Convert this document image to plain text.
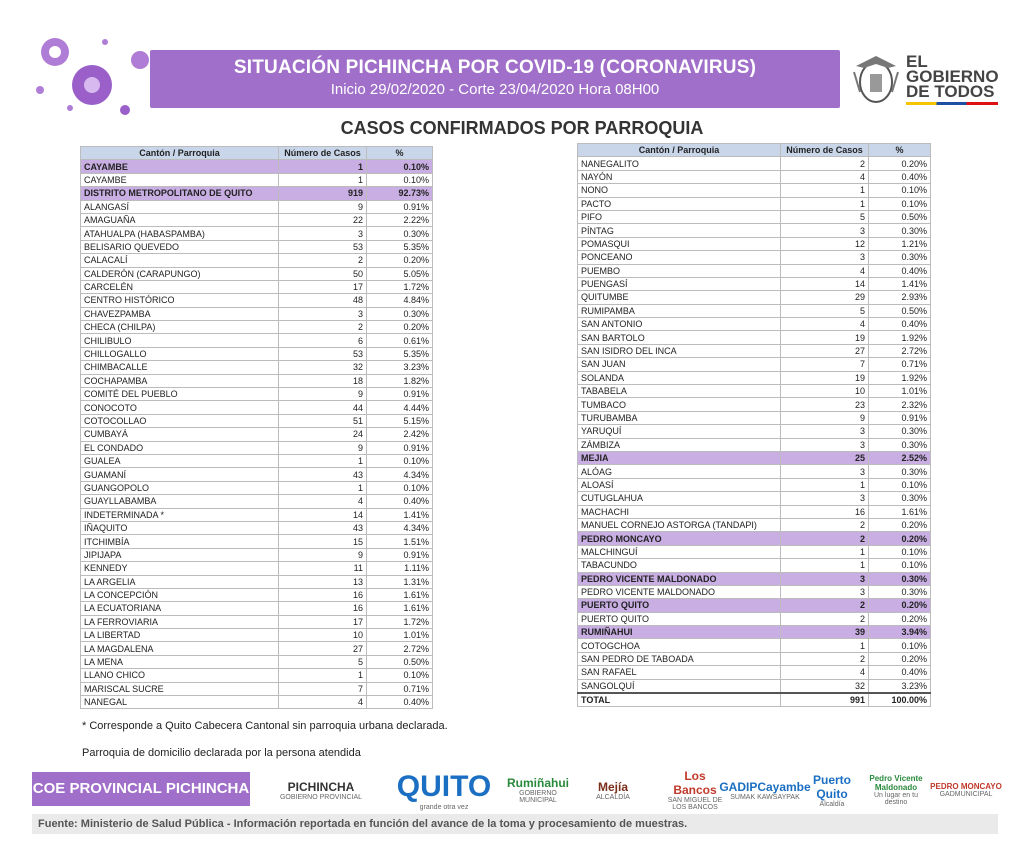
SITUACIÓN PICHINCHA POR COVID-19 (CORONAVIRUS)
Inicio 29/02/2020 - Corte 23/04/2020 Hora 08H00
EL
GOBIERNO
DE TODOS
CASOS CONFIRMADOS POR PARROQUIA
Cantón / Parroquia	Número de Casos	%
CAYAMBE	1	0.10%
CAYAMBE	1	0.10%
DISTRITO METROPOLITANO DE QUITO	919	92.73%
ALANGASÍ	9	0.91%
AMAGUAÑA	22	2.22%
ATAHUALPA (HABASPAMBA)	3	0.30%
BELISARIO QUEVEDO	53	5.35%
CALACALÍ	2	0.20%
CALDERÓN (CARAPUNGO)	50	5.05%
CARCELÉN	17	1.72%
CENTRO HISTÓRICO	48	4.84%
CHAVEZPAMBA	3	0.30%
CHECA (CHILPA)	2	0.20%
CHILIBULO	6	0.61%
CHILLOGALLO	53	5.35%
CHIMBACALLE	32	3.23%
COCHAPAMBA	18	1.82%
COMITÉ DEL PUEBLO	9	0.91%
CONOCOTO	44	4.44%
COTOCOLLAO	51	5.15%
CUMBAYÁ	24	2.42%
EL CONDADO	9	0.91%
GUALEA	1	0.10%
GUAMANÍ	43	4.34%
GUANGOPOLO	1	0.10%
GUAYLLABAMBA	4	0.40%
INDETERMINADA *	14	1.41%
IÑAQUITO	43	4.34%
ITCHIMBÍA	15	1.51%
JIPIJAPA	9	0.91%
KENNEDY	11	1.11%
LA ARGELIA	13	1.31%
LA CONCEPCIÓN	16	1.61%
LA ECUATORIANA	16	1.61%
LA FERROVIARIA	17	1.72%
LA LIBERTAD	10	1.01%
LA MAGDALENA	27	2.72%
LA MENA	5	0.50%
LLANO CHICO	1	0.10%
MARISCAL SUCRE	7	0.71%
NANEGAL	4	0.40%
Cantón / Parroquia	Número de Casos	%
NANEGALITO	2	0.20%
NAYÓN	4	0.40%
NONO	1	0.10%
PACTO	1	0.10%
PIFO	5	0.50%
PÍNTAG	3	0.30%
POMASQUI	12	1.21%
PONCEANO	3	0.30%
PUEMBO	4	0.40%
PUENGASÍ	14	1.41%
QUITUMBE	29	2.93%
RUMIPAMBA	5	0.50%
SAN ANTONIO	4	0.40%
SAN BARTOLO	19	1.92%
SAN ISIDRO DEL INCA	27	2.72%
SAN JUAN	7	0.71%
SOLANDA	19	1.92%
TABABELA	10	1.01%
TUMBACO	23	2.32%
TURUBAMBA	9	0.91%
YARUQUÍ	3	0.30%
ZÁMBIZA	3	0.30%
MEJIA	25	2.52%
ALÓAG	3	0.30%
ALOASÍ	1	0.10%
CUTUGLAHUA	3	0.30%
MACHACHI	16	1.61%
MANUEL CORNEJO ASTORGA (TANDAPI)	2	0.20%
PEDRO MONCAYO	2	0.20%
MALCHINGUÍ	1	0.10%
TABACUNDO	1	0.10%
PEDRO VICENTE MALDONADO	3	0.30%
PEDRO VICENTE MALDONADO	3	0.30%
PUERTO QUITO	2	0.20%
PUERTO QUITO	2	0.20%
RUMIÑAHUI	39	3.94%
COTOGCHOA	1	0.10%
SAN PEDRO DE TABOADA	2	0.20%
SAN RAFAEL	4	0.40%
SANGOLQUÍ	32	3.23%
TOTAL	991	100.00%
* Corresponde a Quito Cabecera Cantonal sin parroquia urbana declarada.
Parroquia de domicilio declarada por la persona atendida
COE PROVINCIAL PICHINCHA	PICHINCHA
GOBIERNO PROVINCIAL QUITO
grande otra vez
Rumiñahui
GOBIERNO MUNICIPAL
Mejía
ALCALDÍA
Los Bancos
SAN MIGUEL DE LOS BANCOS
GADIPCayambe
SUMAK KAWSAYPAK
Puerto Quito
Alcaldía
Pedro Vicente Maldonado
Un lugar en tu destino
PEDRO MONCAYO
GADMUNICIPAL
Fuente: Ministerio de Salud Pública - Información reportada en función del avance de la toma y procesamiento de muestras.
